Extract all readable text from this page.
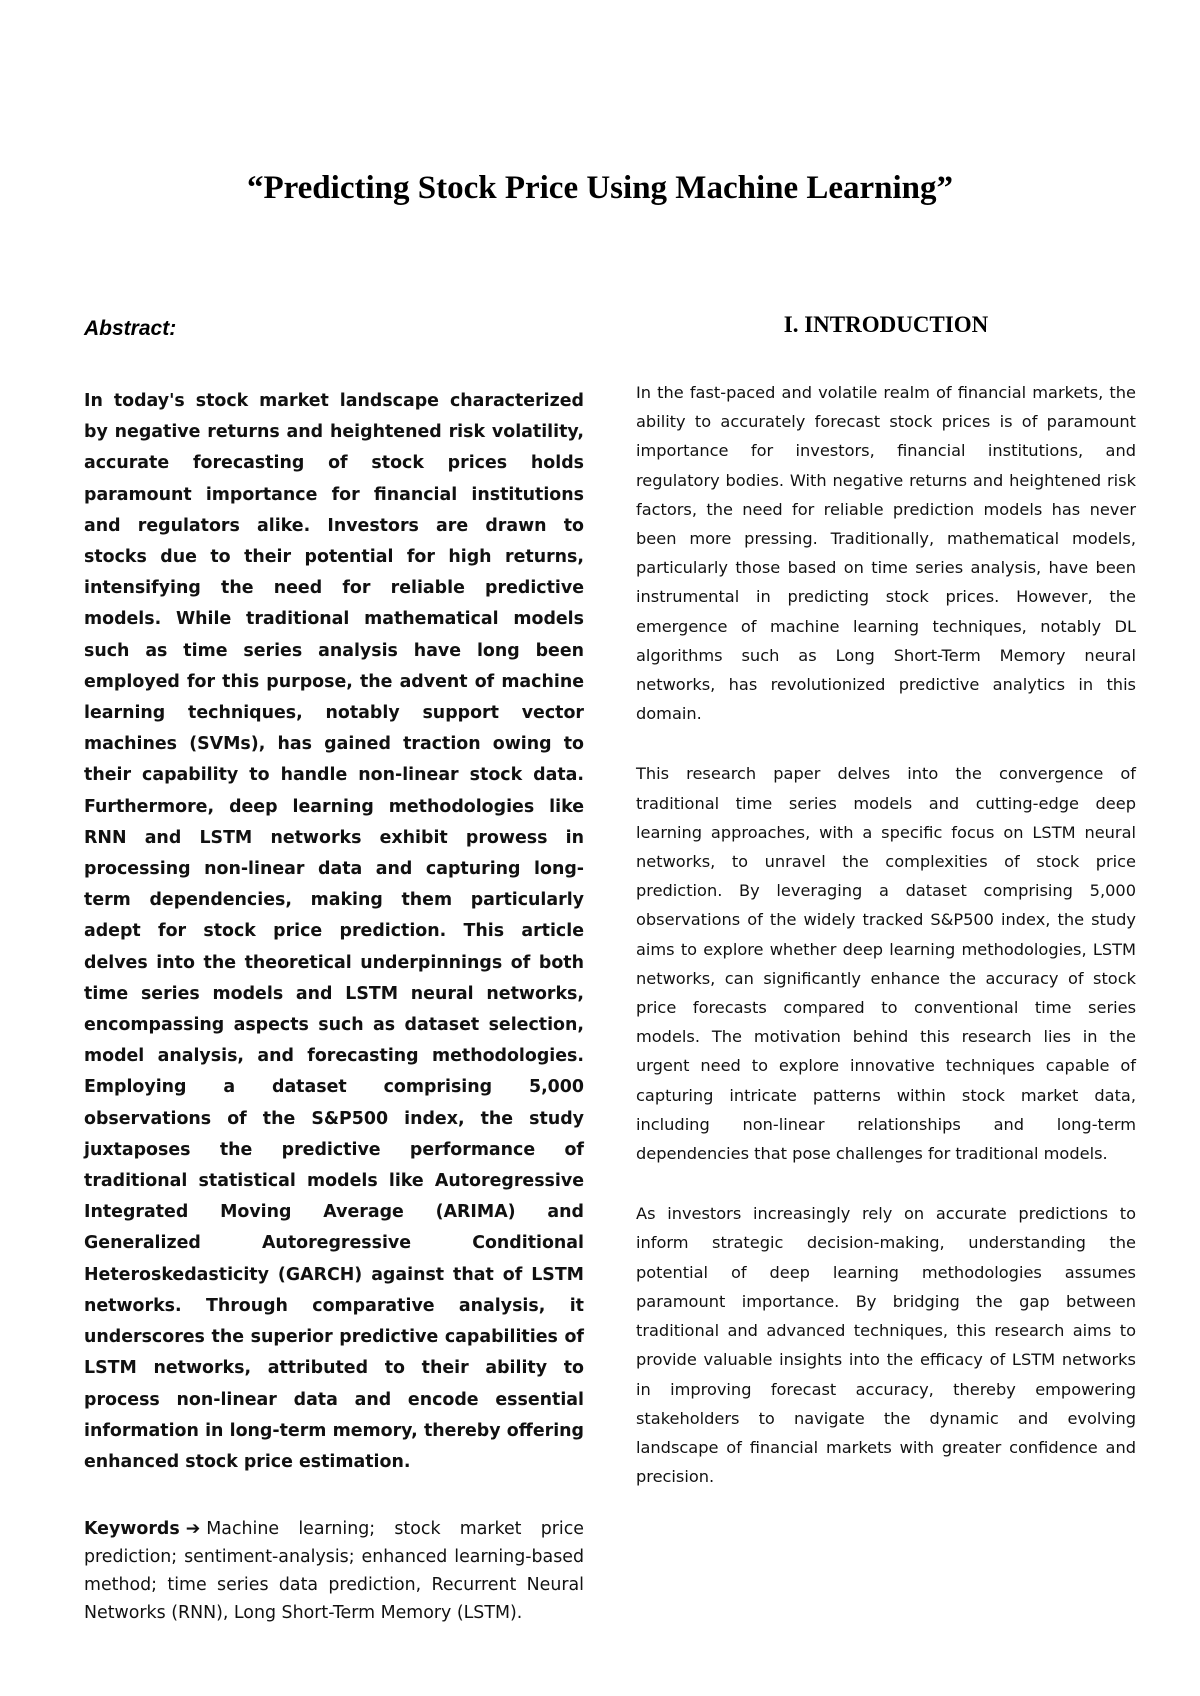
“Predicting Stock Price Using Machine Learning”
Abstract:

In today's stock market landscape characterized by negative returns and heightened risk volatility, accurate forecasting of stock prices holds paramount importance for financial institutions and regulators alike. Investors are drawn to stocks due to their potential for high returns, intensifying the need for reliable predictive models. While traditional mathematical models such as time series analysis have long been employed for this purpose, the advent of machine learning techniques, notably support vector machines (SVMs), has gained traction owing to their capability to handle non-linear stock data. Furthermore, deep learning methodologies like RNN and LSTM networks exhibit prowess in processing non-linear data and capturing long-term dependencies, making them particularly adept for stock price prediction. This article delves into the theoretical underpinnings of both time series models and LSTM neural networks, encompassing aspects such as dataset selection, model analysis, and forecasting methodologies. Employing a dataset comprising 5,000 observations of the S&P500 index, the study juxtaposes the predictive performance of traditional statistical models like Autoregressive Integrated Moving Average (ARIMA) and Generalized Autoregressive Conditional Heteroskedasticity (GARCH) against that of LSTM networks. Through comparative analysis, it underscores the superior predictive capabilities of LSTM networks, attributed to their ability to process non-linear data and encode essential information in long-term memory, thereby offering enhanced stock price estimation.

Keywords ➔ Machine learning; stock market price prediction; sentiment-analysis; enhanced learning-based method; time series data prediction, Recurrent Neural Networks (RNN), Long Short-Term Memory (LSTM).

I. INTRODUCTION

In the fast-paced and volatile realm of financial markets, the ability to accurately forecast stock prices is of paramount importance for investors, financial institutions, and regulatory bodies. With negative returns and heightened risk factors, the need for reliable prediction models has never been more pressing. Traditionally, mathematical models, particularly those based on time series analysis, have been instrumental in predicting stock prices. However, the emergence of machine learning techniques, notably DL algorithms such as Long Short-Term Memory neural networks, has revolutionized predictive analytics in this domain.

This research paper delves into the convergence of traditional time series models and cutting-edge deep learning approaches, with a specific focus on LSTM neural networks, to unravel the complexities of stock price prediction. By leveraging a dataset comprising 5,000 observations of the widely tracked S&P500 index, the study aims to explore whether deep learning methodologies, LSTM networks, can significantly enhance the accuracy of stock price forecasts compared to conventional time series models. The motivation behind this research lies in the urgent need to explore innovative techniques capable of capturing intricate patterns within stock market data, including non-linear relationships and long-term dependencies that pose challenges for traditional models.

As investors increasingly rely on accurate predictions to inform strategic decision-making, understanding the potential of deep learning methodologies assumes paramount importance. By bridging the gap between traditional and advanced techniques, this research aims to provide valuable insights into the efficacy of LSTM networks in improving forecast accuracy, thereby empowering stakeholders to navigate the dynamic and evolving landscape of financial markets with greater confidence and precision.
